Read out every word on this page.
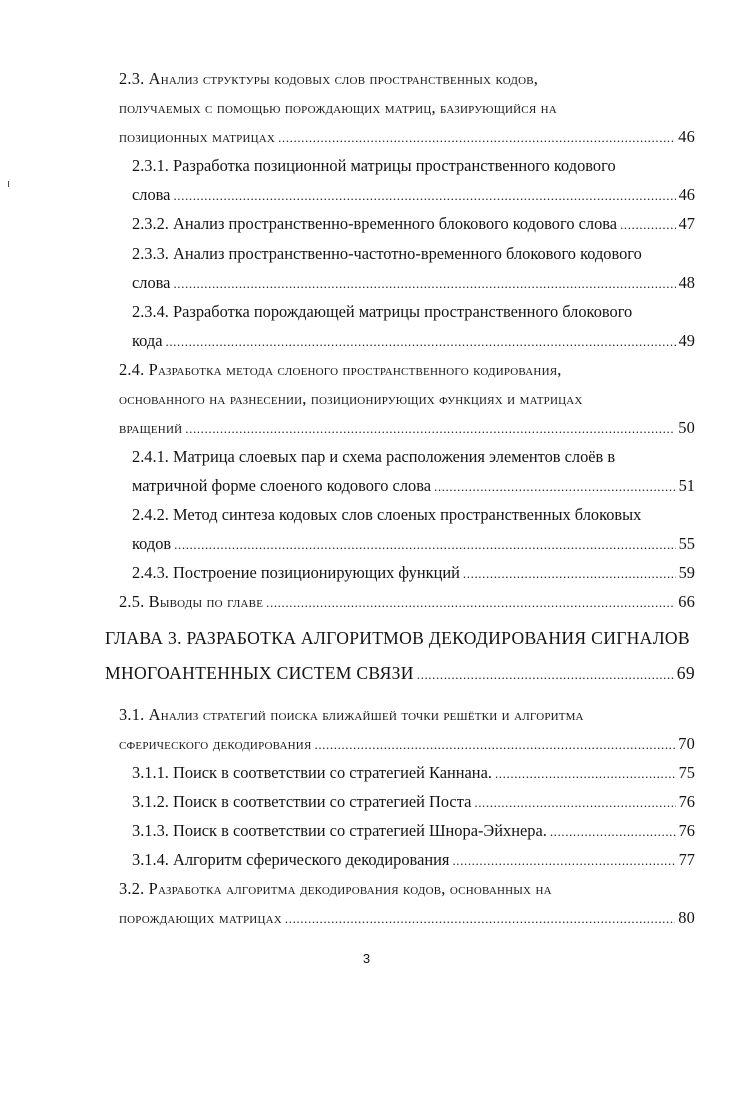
2.3. Анализ структуры кодовых слов пространственных кодов,
получаемых с помощью порождающих матриц, базирующийся на
позиционных матрицах .....	46
2.3.1. Разработка позиционной матрицы пространственного кодового
слова .....	46
2.3.2. Анализ пространственно-временного блокового кодового слова .....	47
2.3.3. Анализ пространственно-частотно-временного блокового кодового
слова .....	48
2.3.4. Разработка порождающей матрицы пространственного блокового
кода .....	49
2.4. Разработка метода слоеного пространственного кодирования,
основанного на разнесении, позиционирующих функциях и матрицах
вращений .....	50
2.4.1. Матрица слоевых пар и схема расположения элементов слоёв в
матричной форме слоеного кодового слова .....	51
2.4.2. Метод синтеза кодовых слов слоеных пространственных блоковых
кодов .....	55
2.4.3. Построение позиционирующих функций .....	59
2.5. Выводы по главе .....	66
ГЛАВА 3. РАЗРАБОТКА АЛГОРИТМОВ ДЕКОДИРОВАНИЯ СИГНАЛОВ
МНОГОАНТЕННЫХ СИСТЕМ СВЯЗИ .....	69
3.1. Анализ стратегий поиска ближайшей точки решётки и алгоритма
сферического декодирования .....	70
3.1.1. Поиск в соответствии со стратегией Каннана. .....	75
3.1.2. Поиск в соответствии со стратегией Поста .....	76
3.1.3. Поиск в соответствии со стратегией Шнора-Эйхнера. .....	76
3.1.4. Алгоритм сферического декодирования .....	77
3.2. Разработка алгоритма декодирования кодов, основанных на
порождающих матрицах .....	80
3
